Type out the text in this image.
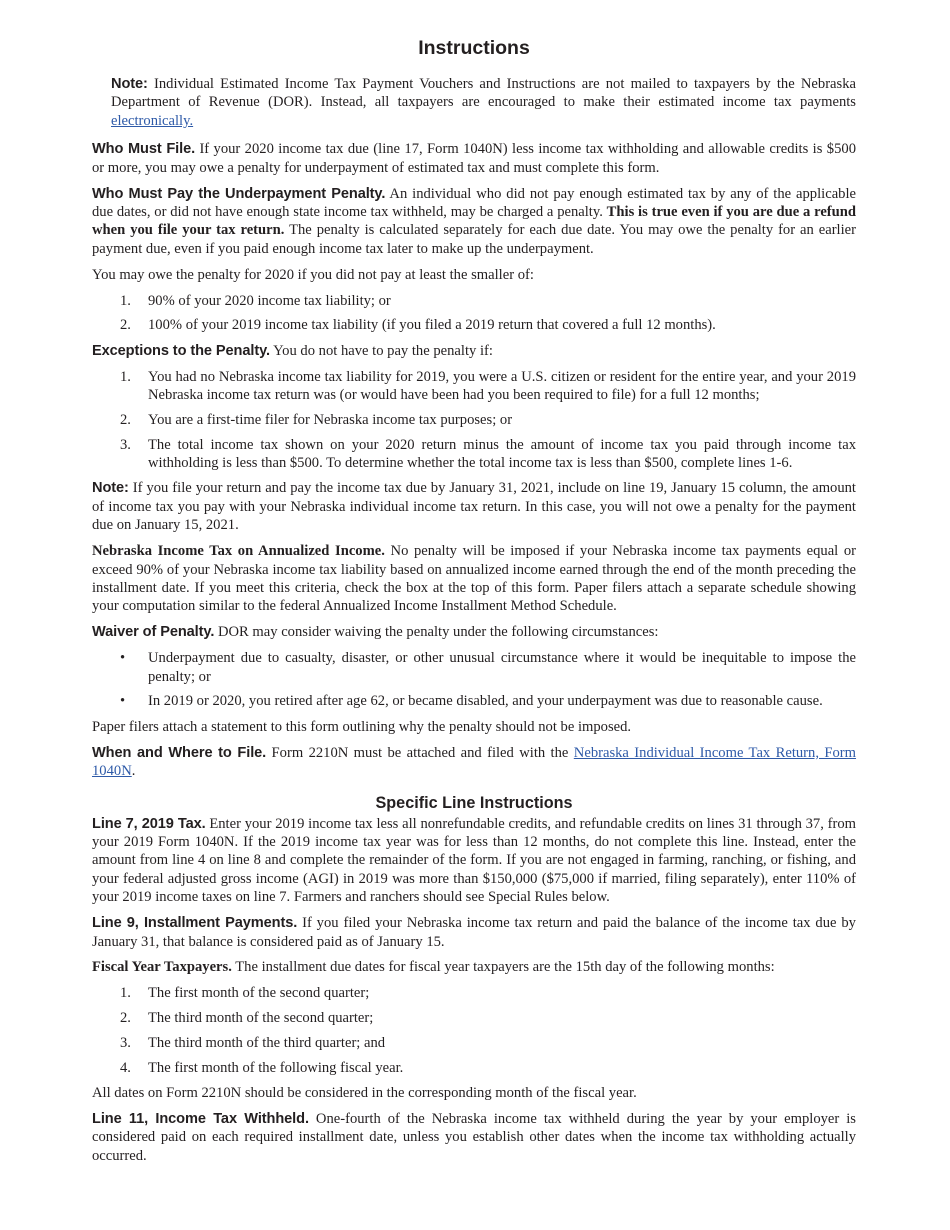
Instructions

Note: Individual Estimated Income Tax Payment Vouchers and Instructions are not mailed to taxpayers by the Nebraska Department of Revenue (DOR). Instead, all taxpayers are encouraged to make their estimated income tax payments electronically.

Who Must File. If your 2020 income tax due (line 17, Form 1040N) less income tax withholding and allowable credits is $500 or more, you may owe a penalty for underpayment of estimated tax and must complete this form.

Who Must Pay the Underpayment Penalty. An individual who did not pay enough estimated tax by any of the applicable due dates, or did not have enough state income tax withheld, may be charged a penalty. This is true even if you are due a refund when you file your tax return. The penalty is calculated separately for each due date. You may owe the penalty for an earlier payment due, even if you paid enough income tax later to make up the underpayment.

You may owe the penalty for 2020 if you did not pay at least the smaller of:

1. 90% of your 2020 income tax liability; or
2. 100% of your 2019 income tax liability (if you filed a 2019 return that covered a full 12 months).

Exceptions to the Penalty. You do not have to pay the penalty if:

1. You had no Nebraska income tax liability for 2019, you were a U.S. citizen or resident for the entire year, and your 2019 Nebraska income tax return was (or would have been had you been required to file) for a full 12 months;
2. You are a first-time filer for Nebraska income tax purposes; or
3. The total income tax shown on your 2020 return minus the amount of income tax you paid through income tax withholding is less than $500. To determine whether the total income tax is less than $500, complete lines 1-6.

Note: If you file your return and pay the income tax due by January 31, 2021, include on line 19, January 15 column, the amount of income tax you pay with your Nebraska individual income tax return. In this case, you will not owe a penalty for the payment due on January 15, 2021.

Nebraska Income Tax on Annualized Income. No penalty will be imposed if your Nebraska income tax payments equal or exceed 90% of your Nebraska income tax liability based on annualized income earned through the end of the month preceding the installment date. If you meet this criteria, check the box at the top of this form. Paper filers attach a separate schedule showing your computation similar to the federal Annualized Income Installment Method Schedule.

Waiver of Penalty. DOR may consider waiving the penalty under the following circumstances:

• Underpayment due to casualty, disaster, or other unusual circumstance where it would be inequitable to impose the penalty; or
• In 2019 or 2020, you retired after age 62, or became disabled, and your underpayment was due to reasonable cause.

Paper filers attach a statement to this form outlining why the penalty should not be imposed.

When and Where to File. Form 2210N must be attached and filed with the Nebraska Individual Income Tax Return, Form 1040N.

Specific Line Instructions

Line 7, 2019 Tax. Enter your 2019 income tax less all nonrefundable credits, and refundable credits on lines 31 through 37, from your 2019 Form 1040N. If the 2019 income tax year was for less than 12 months, do not complete this line. Instead, enter the amount from line 4 on line 8 and complete the remainder of the form. If you are not engaged in farming, ranching, or fishing, and your federal adjusted gross income (AGI) in 2019 was more than $150,000 ($75,000 if married, filing separately), enter 110% of your 2019 income taxes on line 7. Farmers and ranchers should see Special Rules below.

Line 9, Installment Payments. If you filed your Nebraska income tax return and paid the balance of the income tax due by January 31, that balance is considered paid as of January 15.

Fiscal Year Taxpayers. The installment due dates for fiscal year taxpayers are the 15th day of the following months:

1. The first month of the second quarter;
2. The third month of the second quarter;
3. The third month of the third quarter; and
4. The first month of the following fiscal year.

All dates on Form 2210N should be considered in the corresponding month of the fiscal year.

Line 11, Income Tax Withheld. One-fourth of the Nebraska income tax withheld during the year by your employer is considered paid on each required installment date, unless you establish other dates when the income tax withholding actually occurred.
